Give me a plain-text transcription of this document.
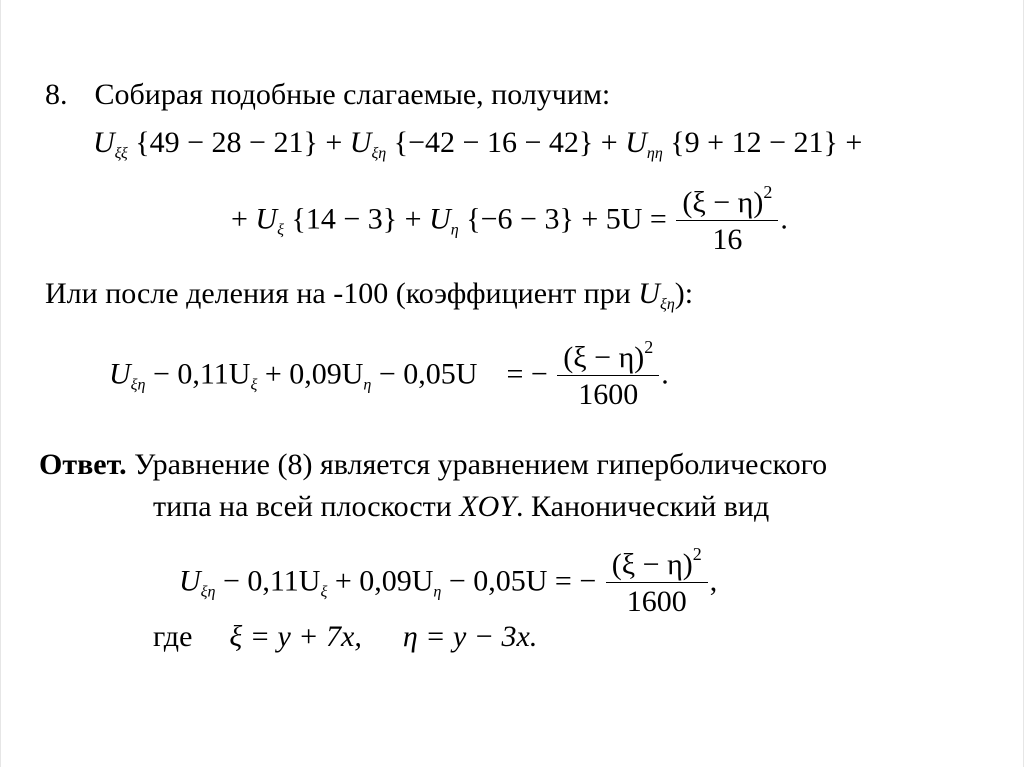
8. Собирая подобные слагаемые, получим:
$U_{\xi\xi}$ $\{49 - 28 - 21\} + U_{\xi\eta}$ $\{-42 - 16 - 42\} + U_{\eta\eta}$ {9 + 12 − 21} +
+ $U_\xi$ $\{14 - 3\} + U_\eta$ $\{-6 - 3\} + 5U = \frac{(\xi - \eta)^2}{16}$ .
Или после деления на -100 (коэффициент при $U_{\xi\eta}$):
$U_{\xi\eta} - 0,11U_\xi + 0,09U_\eta - 0,05U$ = − $\frac{(\xi - \eta)^2}{1600}$ .
Ответ. Уравнение (8) является уравнением гиперболического
типа на всей плоскости XOY. Канонический вид
$U_{\xi\eta} - 0,11U_\xi + 0,09U_\eta - 0,05U$ = − $\frac{(\xi - \eta)^2}{1600}$ ,
где ξ = y + 7x, η = y − 3x.
